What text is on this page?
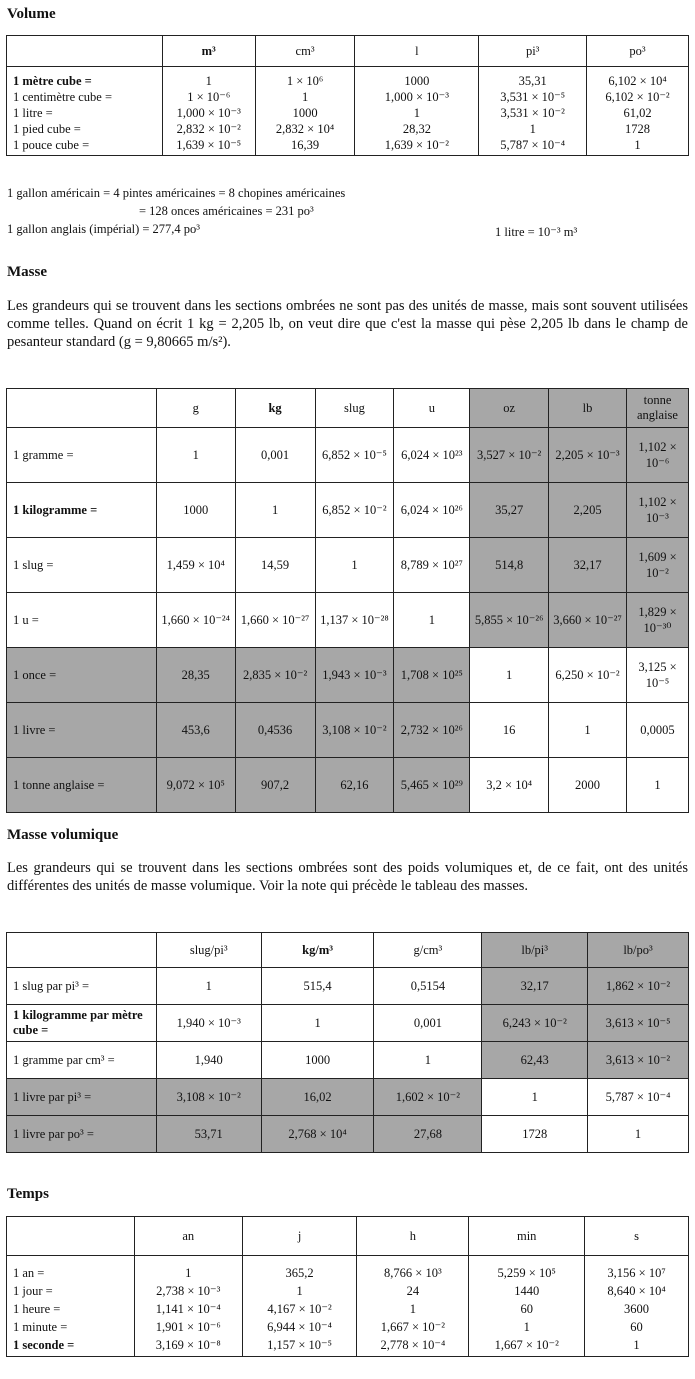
Volume
	m³	cm³	l	pi³	po³
1 mètre cube =	1	1 × 10⁶	1000	35,31	6,102 × 10⁴
1 centimètre cube =	1 × 10⁻⁶	1	1,000 × 10⁻³	3,531 × 10⁻⁵	6,102 × 10⁻²
1 litre =	1,000 × 10⁻³	1000	1	3,531 × 10⁻²	61,02
1 pied cube =	2,832 × 10⁻²	2,832 × 10⁴	28,32	1	1728
1 pouce cube =	1,639 × 10⁻⁵	16,39	1,639 × 10⁻²	5,787 × 10⁻⁴	1
1 gallon américain = 4 pintes américaines = 8 chopines américaines
= 128 onces américaines = 231 po³
1 gallon anglais (impérial) = 277,4 po³	1 litre = 10⁻³ m³
Masse
Les grandeurs qui se trouvent dans les sections ombrées ne sont pas des unités de masse, mais sont souvent utilisées comme telles. Quand on écrit 1 kg = 2,205 lb, on veut dire que c'est la masse qui pèse 2,205 lb dans le champ de pesanteur standard (g = 9,80665 m/s²).
	g	kg	slug	u	oz	lb	tonne anglaise
1 gramme =	1	0,001	6,852 × 10⁻⁵	6,024 × 10²³	3,527 × 10⁻²	2,205 × 10⁻³	1,102 × 10⁻⁶
1 kilogramme =	1000	1	6,852 × 10⁻²	6,024 × 10²⁶	35,27	2,205	1,102 × 10⁻³
1 slug =	1,459 × 10⁴	14,59	1	8,789 × 10²⁷	514,8	32,17	1,609 × 10⁻²
1 u =	1,660 × 10⁻²⁴	1,660 × 10⁻²⁷	1,137 × 10⁻²⁸	1	5,855 × 10⁻²⁶	3,660 × 10⁻²⁷	1,829 × 10⁻³⁰
1 once =	28,35	2,835 × 10⁻²	1,943 × 10⁻³	1,708 × 10²⁵	1	6,250 × 10⁻²	3,125 × 10⁻⁵
1 livre =	453,6	0,4536	3,108 × 10⁻²	2,732 × 10²⁶	16	1	0,0005
1 tonne anglaise =	9,072 × 10⁵	907,2	62,16	5,465 × 10²⁹	3,2 × 10⁴	2000	1
Masse volumique
Les grandeurs qui se trouvent dans les sections ombrées sont des poids volumiques et, de ce fait, ont des unités différentes des unités de masse volumique. Voir la note qui précède le tableau des masses.
	slug/pi³	kg/m³	g/cm³	lb/pi³	lb/po³
1 slug par pi³ =	1	515,4	0,5154	32,17	1,862 × 10⁻²
1 kilogramme par mètre cube =	1,940 × 10⁻³	1	0,001	6,243 × 10⁻²	3,613 × 10⁻⁵
1 gramme par cm³ =	1,940	1000	1	62,43	3,613 × 10⁻²
1 livre par pi³ =	3,108 × 10⁻²	16,02	1,602 × 10⁻²	1	5,787 × 10⁻⁴
1 livre par po³ =	53,71	2,768 × 10⁴	27,68	1728	1
Temps
	an	j	h	min	s
1 an =	1	365,2	8,766 × 10³	5,259 × 10⁵	3,156 × 10⁷
1 jour =	2,738 × 10⁻³	1	24	1440	8,640 × 10⁴
1 heure =	1,141 × 10⁻⁴	4,167 × 10⁻²	1	60	3600
1 minute =	1,901 × 10⁻⁶	6,944 × 10⁻⁴	1,667 × 10⁻²	1	60
1 seconde =	3,169 × 10⁻⁸	1,157 × 10⁻⁵	2,778 × 10⁻⁴	1,667 × 10⁻²	1
